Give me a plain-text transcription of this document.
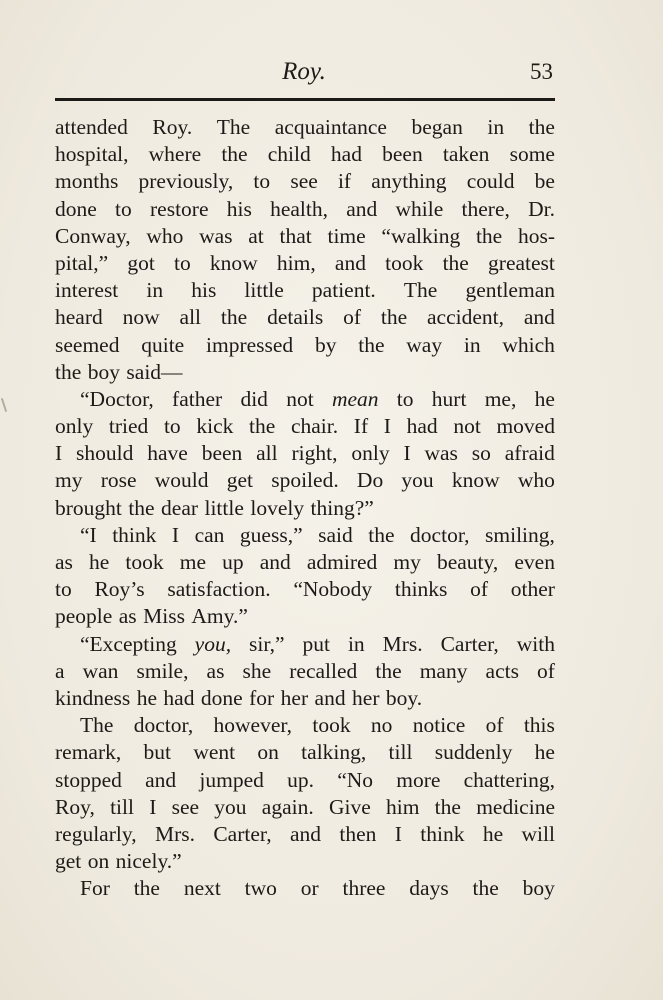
Roy.	53
attended Roy. The acquaintance began in the
hospital, where the child had been taken some
months previously, to see if anything could be
done to restore his health, and while there, Dr.
Conway, who was at that time “walking the hos-
pital,” got to know him, and took the greatest
interest in his little patient. The gentleman
heard now all the details of the accident, and
seemed quite impressed by the way in which
the boy said—
“Doctor, father did not mean to hurt me, he
only tried to kick the chair. If I had not moved
I should have been all right, only I was so afraid
my rose would get spoiled. Do you know who
brought the dear little lovely thing?”
“I think I can guess,” said the doctor, smiling,
as he took me up and admired my beauty, even
to Roy’s satisfaction. “Nobody thinks of other
people as Miss Amy.”
“Excepting you, sir,” put in Mrs. Carter, with
a wan smile, as she recalled the many acts of
kindness he had done for her and her boy.
The doctor, however, took no notice of this
remark, but went on talking, till suddenly he
stopped and jumped up. “No more chattering,
Roy, till I see you again. Give him the medicine
regularly, Mrs. Carter, and then I think he will
get on nicely.”
For the next two or three days the boy
